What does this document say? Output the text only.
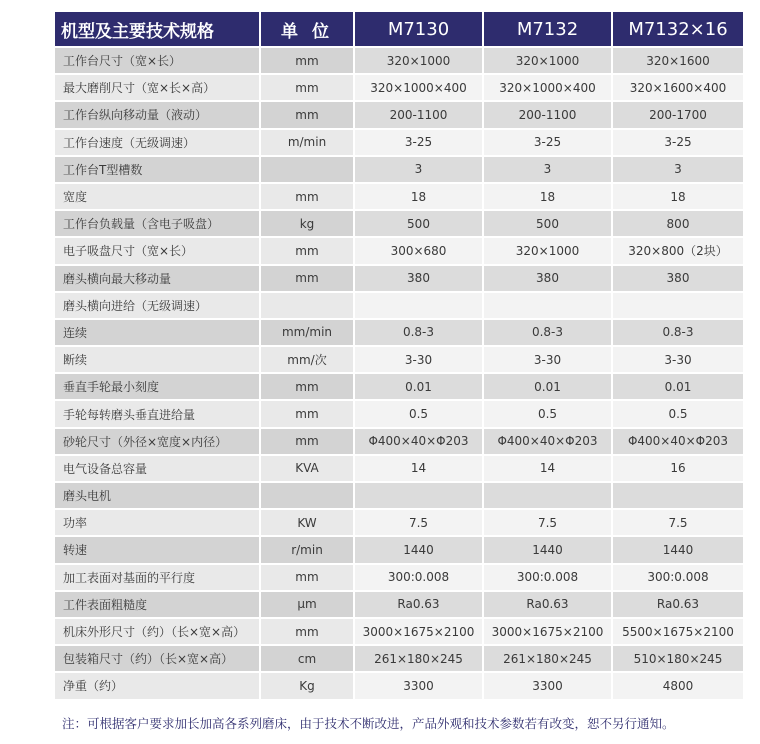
机型及主要技术规格	单 位	M7130	M7132	M7132×16
工作台尺寸（宽×长）	mm	320×1000	320×1000	320×1600
最大磨削尺寸（宽×长×高）	mm	320×1000×400	320×1000×400	320×1600×400
工作台纵向移动量（液动）	mm	200-1100	200-1100	200-1700
工作台速度（无级调速）	m/min	3-25	3-25	3-25
工作台T型槽数		3	3	3
宽度	mm	18	18	18
工作台负载量（含电子吸盘）	kg	500	500	800
电子吸盘尺寸（宽×长）	mm	300×680	320×1000	320×800（2块）
磨头横向最大移动量	mm	380	380	380
磨头横向进给（无级调速）				
连续	mm/min	0.8-3	0.8-3	0.8-3
断续	mm/次	3-30	3-30	3-30
垂直手轮最小刻度	mm	0.01	0.01	0.01
手轮每转磨头垂直进给量	mm	0.5	0.5	0.5
砂轮尺寸（外径×宽度×内径）	mm	Φ400×40×Φ203	Φ400×40×Φ203	Φ400×40×Φ203
电气设备总容量	KVA	14	14	16
磨头电机				
功率	KW	7.5	7.5	7.5
转速	r/min	1440	1440	1440
加工表面对基面的平行度	mm	300:0.008	300:0.008	300:0.008
工件表面粗糙度	μm	Ra0.63	Ra0.63	Ra0.63
机床外形尺寸（约）（长×宽×高）	mm	3000×1675×2100	3000×1675×2100	5500×1675×2100
包装箱尺寸（约）（长×宽×高）	cm	261×180×245	261×180×245	510×180×245
净重（约）	Kg	3300	3300	4800
注：可根据客户要求加长加高各系列磨床，由于技术不断改进，产品外观和技术参数若有改变，恕不另行通知。
